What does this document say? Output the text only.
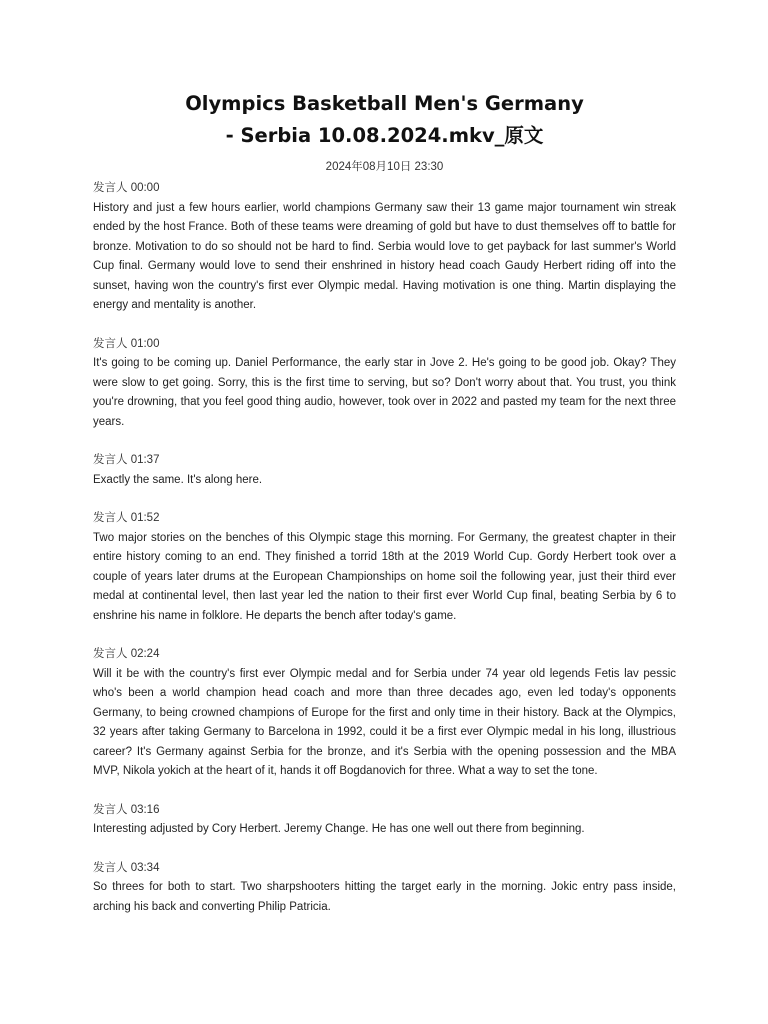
Olympics Basketball Men's Germany
- Serbia 10.08.2024.mkv_原文
2024年08月10日 23:30
发言人 00:00

History and just a few hours earlier, world champions Germany saw their 13 game major tournament win streak ended by the host France. Both of these teams were dreaming of gold but have to dust themselves off to battle for bronze. Motivation to do so should not be hard to find. Serbia would love to get payback for last summer's World Cup final. Germany would love to send their enshrined in history head coach Gaudy Herbert riding off into the sunset, having won the country's first ever Olympic medal. Having motivation is one thing. Martin displaying the energy and mentality is another.

发言人 01:00

It's going to be coming up. Daniel Performance, the early star in Jove 2. He's going to be good job. Okay? They were slow to get going. Sorry, this is the first time to serving, but so? Don't worry about that. You trust, you think you're drowning, that you feel good thing audio, however, took over in 2022 and pasted my team for the next three years.

发言人 01:37

Exactly the same. It's along here.

发言人 01:52

Two major stories on the benches of this Olympic stage this morning. For Germany, the greatest chapter in their entire history coming to an end. They finished a torrid 18th at the 2019 World Cup. Gordy Herbert took over a couple of years later drums at the European Championships on home soil the following year, just their third ever medal at continental level, then last year led the nation to their first ever World Cup final, beating Serbia by 6 to enshrine his name in folklore. He departs the bench after today's game.

发言人 02:24

Will it be with the country's first ever Olympic medal and for Serbia under 74 year old legends Fetis lav pessic who's been a world champion head coach and more than three decades ago, even led today's opponents Germany, to being crowned champions of Europe for the first and only time in their history. Back at the Olympics, 32 years after taking Germany to Barcelona in 1992, could it be a first ever Olympic medal in his long, illustrious career? It's Germany against Serbia for the bronze, and it's Serbia with the opening possession and the MBA MVP, Nikola yokich at the heart of it, hands it off Bogdanovich for three. What a way to set the tone.

发言人 03:16

Interesting adjusted by Cory Herbert. Jeremy Change. He has one well out there from beginning.

发言人 03:34

So threes for both to start. Two sharpshooters hitting the target early in the morning. Jokic entry pass inside, arching his back and converting Philip Patricia.
